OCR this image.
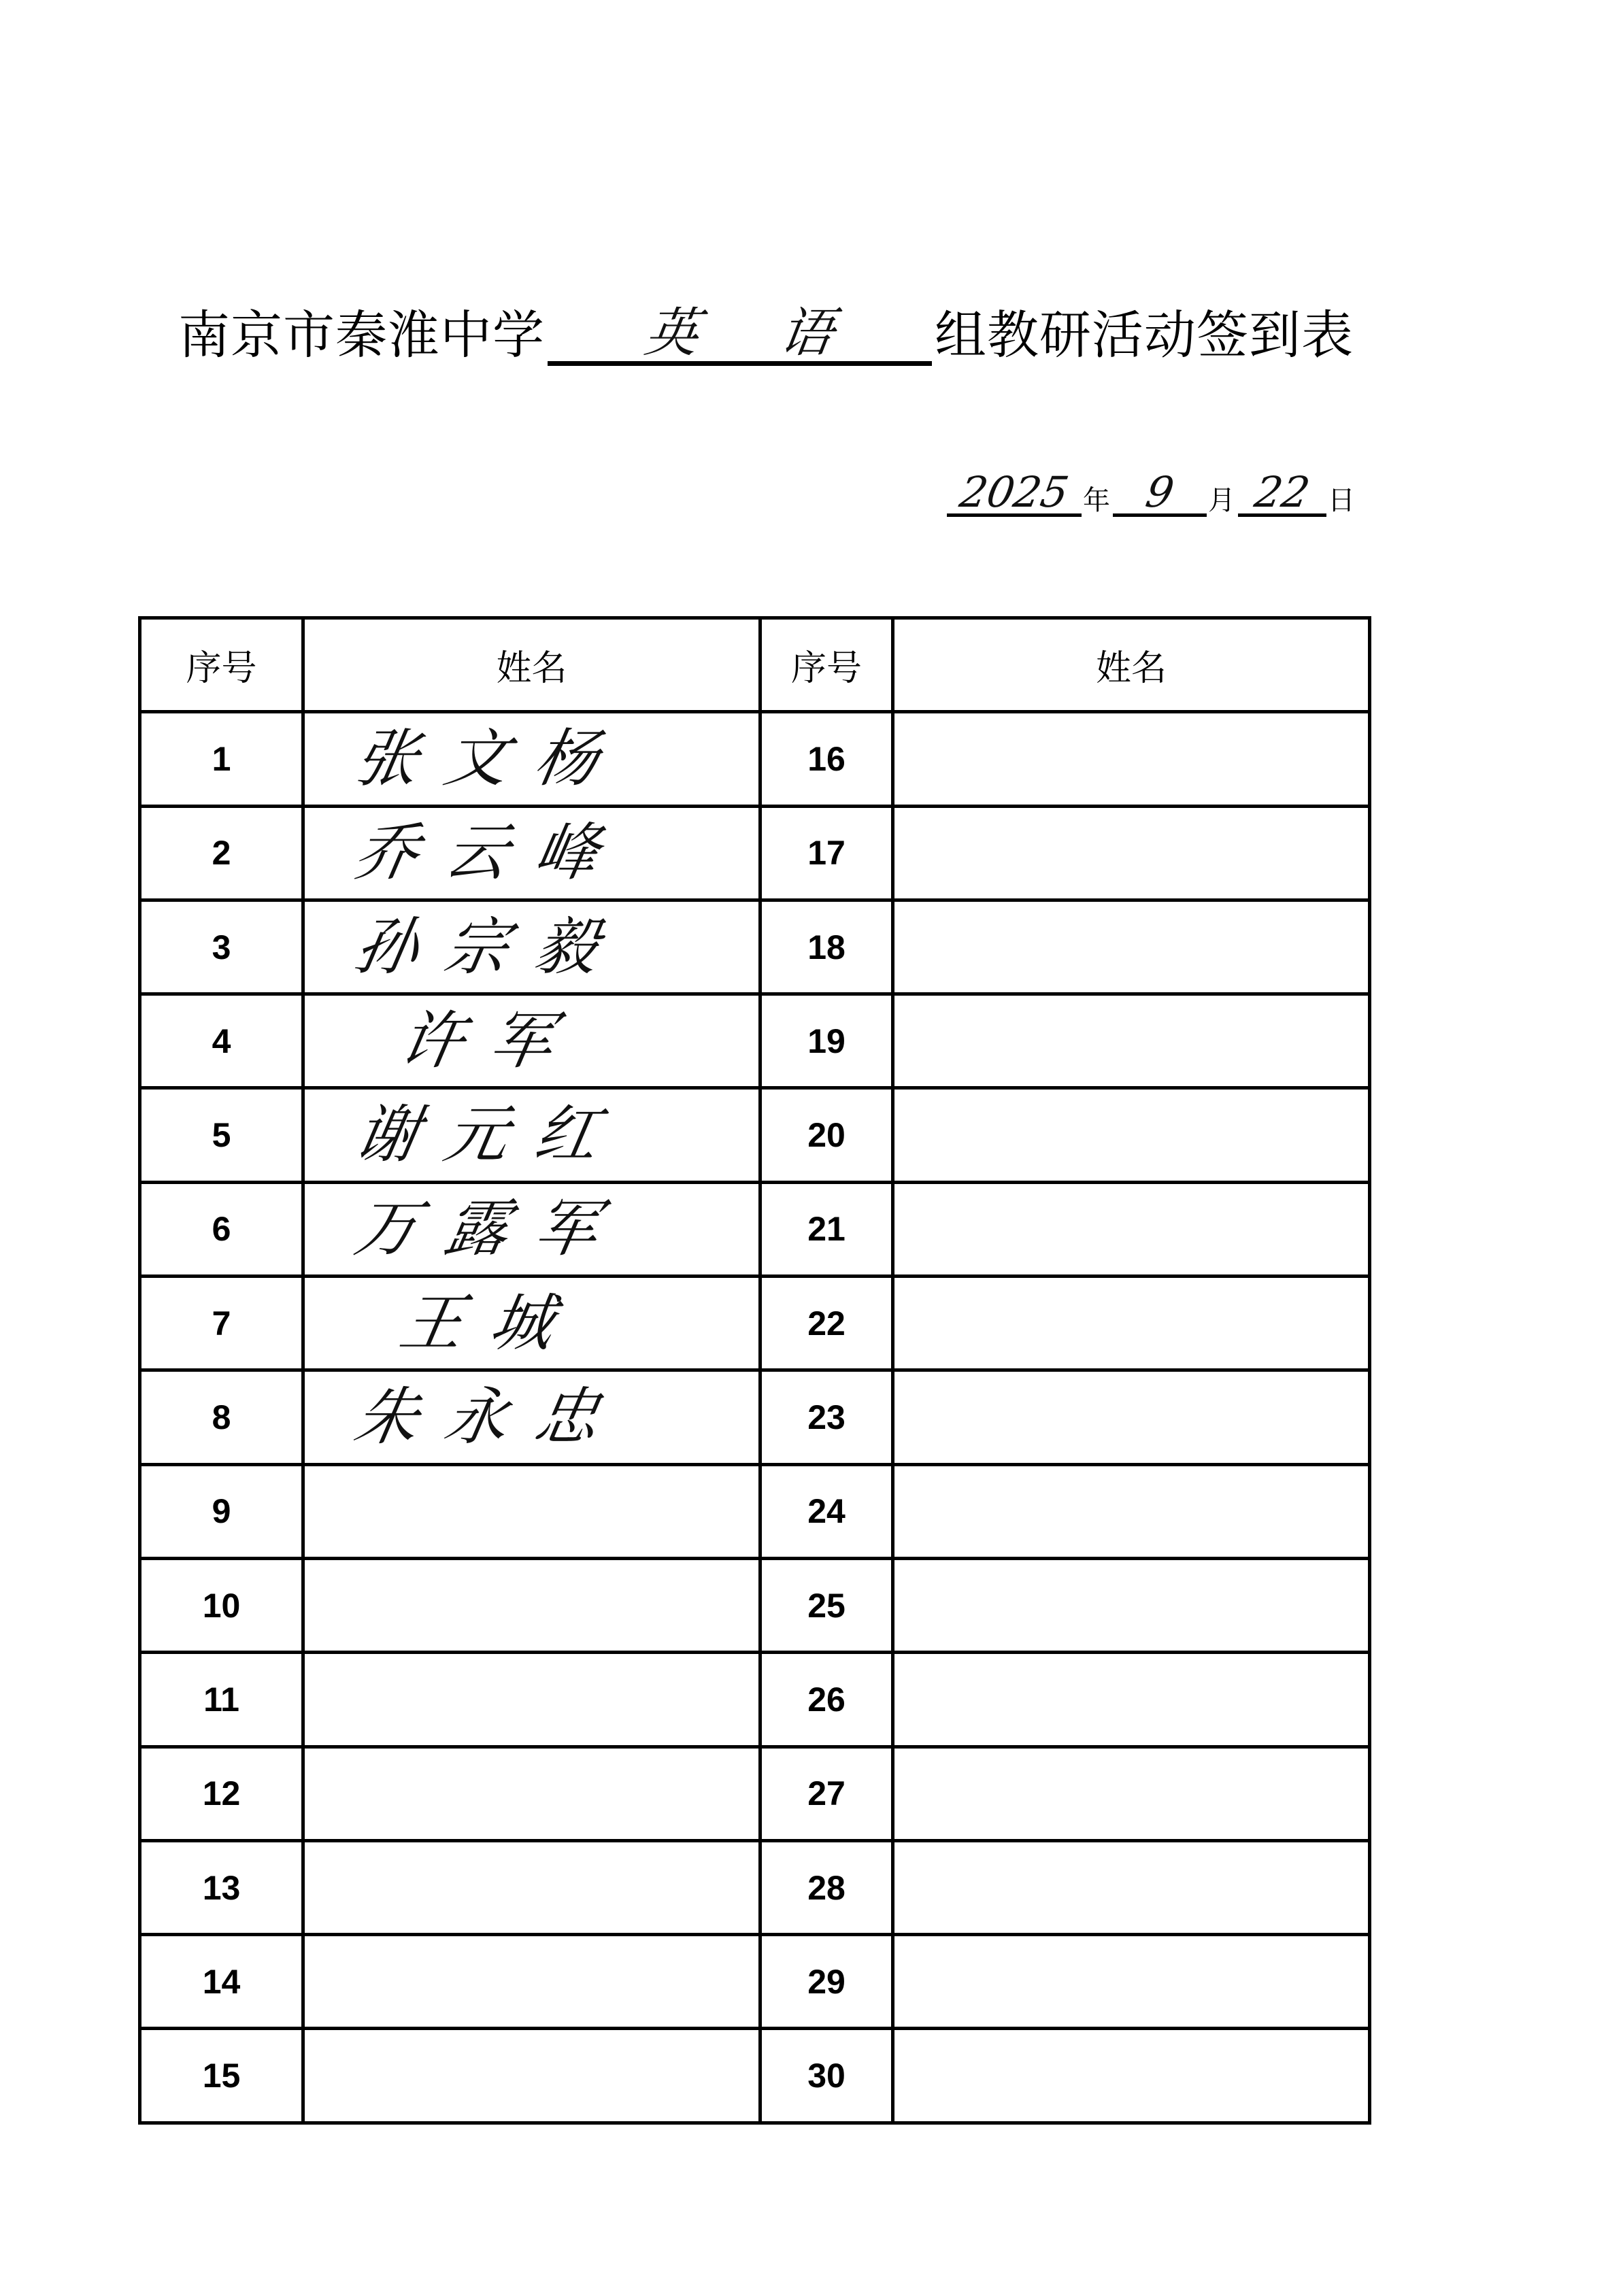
南京市秦淮中学	英语 组教研活动签到表
2025 年 9	月 22 日
序号	姓名	序号	姓名
1	张文杨	16	
2	乔云峰	17	
3	孙宗毅	18	
4	许军	19	
5	谢元红	20	
6	万露军	21	
7	王城	22	
8	朱永忠	23	
9		24	
10		25	
11		26	
12		27	
13		28	
14		29	
15		30	
